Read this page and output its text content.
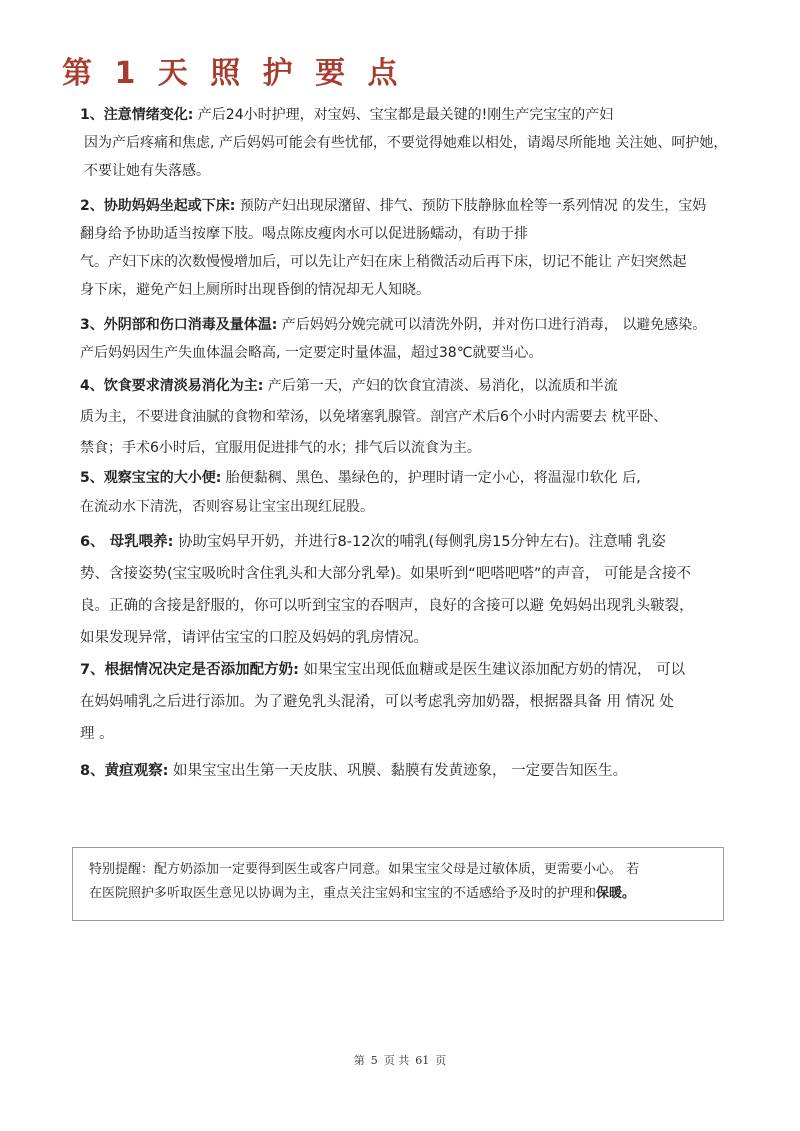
第 1 天 照 护 要 点

1、注意情绪变化: 产后24小时护理，对宝妈、宝宝都是最关键的!刚生产完宝宝的产妇

因为产后疼痛和焦虑, 产后妈妈可能会有些忧郁，不要觉得她难以相处，请竭尽所能地 关注她、呵护她，

不要让她有失落感。

2、协助妈妈坐起或下床: 预防产妇出现尿潴留、排气、预防下肢静脉血栓等一系列情况 的发生，宝妈

翻身给予协助适当按摩下肢。喝点陈皮瘦肉水可以促进肠蠕动，有助于排

气。产妇下床的次数慢慢增加后，可以先让产妇在床上稍微活动后再下床，切记不能让 产妇突然起

身下床，避免产妇上厕所时出现昏倒的情况却无人知晓。

3、外阴部和伤口消毒及量体温: 产后妈妈分娩完就可以清洗外阴，并对伤口进行消毒， 以避免感染。

产后妈妈因生产失血体温会略高, 一定要定时量体温，超过38℃就要当心。

4、饮食要求清淡易消化为主: 产后第一天，产妇的饮食宜清淡、易消化，以流质和半流

质为主，不要进食油腻的食物和荤汤，以免堵塞乳腺管。剖宫产术后6个小时内需要去 枕平卧、

禁食；手术6小时后，宜服用促进排气的水；排气后以流食为主。

5、观察宝宝的大小便: 胎便黏稠、黑色、墨绿色的，护理时请一定小心，将温湿巾软化 后,

在流动水下清洗，否则容易让宝宝出现红屁股。

6、 母乳喂养: 协助宝妈早开奶，并进行8-12次的哺乳(每侧乳房15分钟左右)。注意哺 乳姿

势、含接姿势(宝宝吸吮时含住乳头和大部分乳晕)。如果听到“吧嗒吧嗒”的声音， 可能是含接不

良。正确的含接是舒服的，你可以听到宝宝的吞咽声，良好的含接可以避 免妈妈出现乳头皲裂，

如果发现异常，请评估宝宝的口腔及妈妈的乳房情况。

7、根据情况决定是否添加配方奶: 如果宝宝出现低血糖或是医生建议添加配方奶的情况， 可以

在妈妈哺乳之后进行添加。为了避免乳头混淆，可以考虑乳旁加奶器，根据器具备 用 情况 处

理 。

8、黄疸观察: 如果宝宝出生第一天皮肤、巩膜、黏膜有发黄迹象， 一定要告知医生。

特别提醒：配方奶添加一定要得到医生或客户同意。如果宝宝父母是过敏体质，更需要小心。 若

在医院照护多听取医生意见以协调为主，重点关注宝妈和宝宝的不适感给予及时的护理和保暖。

第 5 页 共 61 页
